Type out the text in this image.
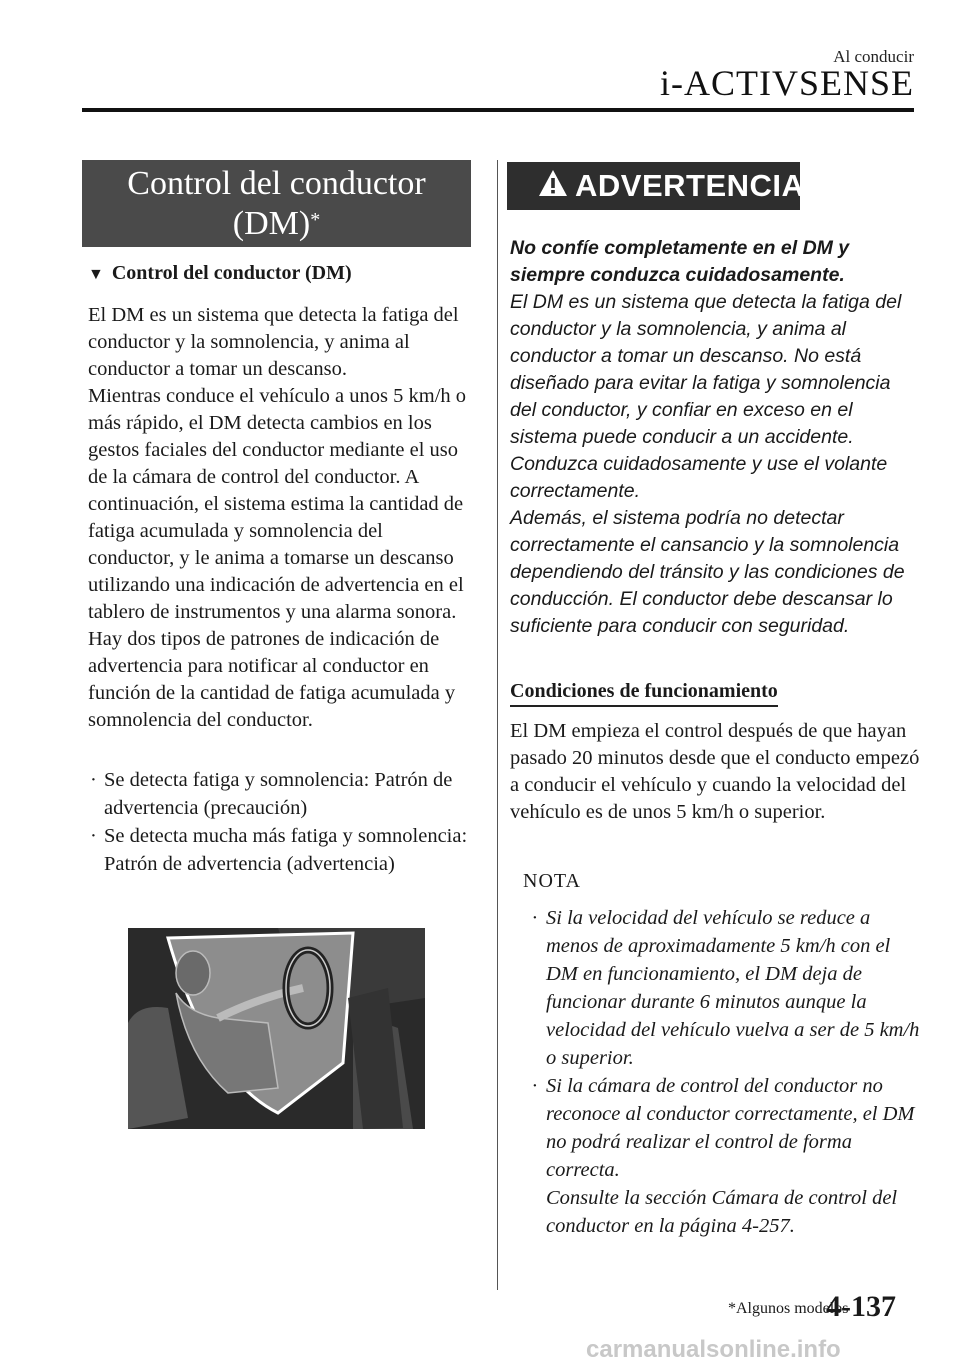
Al conducir
i-ACTIVSENSE
Control del conductor
(DM)*
▼ Control del conductor (DM)

El DM es un sistema que detecta la fatiga del conductor y la somnolencia, y anima al conductor a tomar un descanso.

Mientras conduce el vehículo a unos 5 km/h o más rápido, el DM detecta cambios en los gestos faciales del conductor mediante el uso de la cámara de control del conductor. A continuación, el sistema estima la cantidad de fatiga acumulada y somnolencia del conductor, y le anima a tomarse un descanso utilizando una indicación de advertencia en el tablero de instrumentos y una alarma sonora.

Hay dos tipos de patrones de indicación de advertencia para notificar al conductor en función de la cantidad de fatiga acumulada y somnolencia del conductor.

· Se detecta fatiga y somnolencia: Patrón de advertencia (precaución)
· Se detecta mucha más fatiga y somnolencia: Patrón de advertencia (advertencia)
ADVERTENCIA

No confíe completamente en el DM y siempre conduzca cuidadosamente.

El DM es un sistema que detecta la fatiga del conductor y la somnolencia, y anima al conductor a tomar un descanso. No está diseñado para evitar la fatiga y somnolencia del conductor, y confiar en exceso en el sistema puede conducir a un accidente. Conduzca cuidadosamente y use el volante correctamente.

Además, el sistema podría no detectar correctamente el cansancio y la somnolencia dependiendo del tránsito y las condiciones de conducción. El conductor debe descansar lo suficiente para conducir con seguridad.

Condiciones de funcionamiento
El DM empieza el control después de que hayan pasado 20 minutos desde que el conducto empezó a conducir el vehículo y cuando la velocidad del vehículo es de unos 5 km/h o superior.
NOTA
· Si la velocidad del vehículo se reduce a menos de aproximadamente 5 km/h con el DM en funcionamiento, el DM deja de funcionar durante 6 minutos aunque la velocidad del vehículo vuelva a ser de 5 km/h o superior.
· Si la cámara de control del conductor no reconoce al conductor correctamente, el DM no podrá realizar el control de forma correcta.
Consulte la sección Cámara de control del conductor en la página 4-257.
*Algunos modelos
4-137
carmanualsonline.info
